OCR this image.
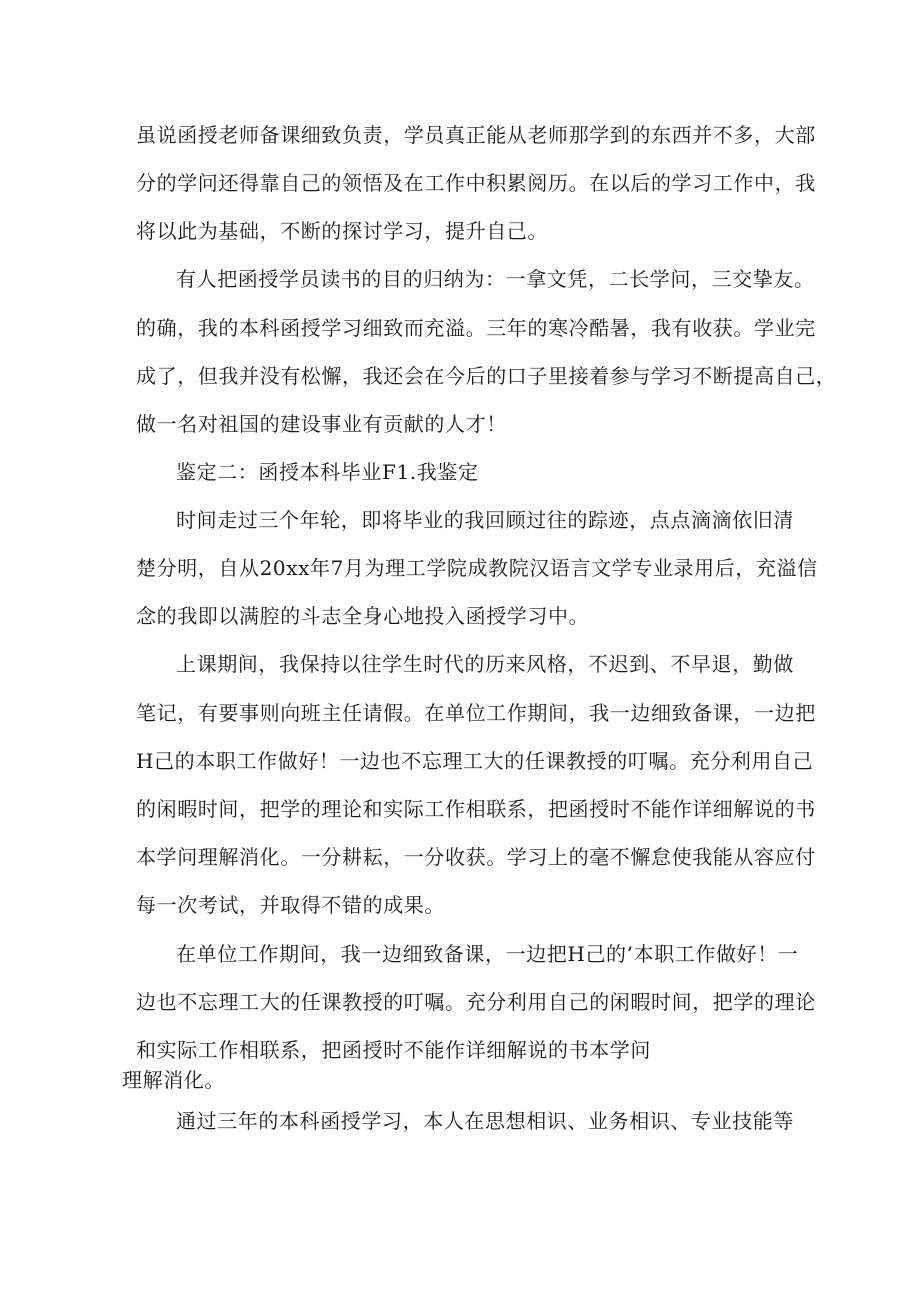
虽说函授老师备课细致负责，学员真正能从老师那学到的东西并不多，大部
分的学问还得靠自己的领悟及在工作中积累阅历。在以后的学习工作中，我
将以此为基础，不断的探讨学习，提升自己。
有人把函授学员读书的目的归纳为：一拿文凭，二长学问，三交挚友。
的确，我的本科函授学习细致而充溢。三年的寒冷酷暑，我有收获。学业完
成了，但我并没有松懈，我还会在今后的口子里接着参与学习不断提高自己，
做一名对祖国的建设事业有贡献的人才！
鉴定二：函授本科毕业F1.我鉴定
时间走过三个年轮，即将毕业的我回顾过往的踪迹，点点滴滴依旧清
楚分明，自从20xx年7月为理工学院成教院汉语言文学专业录用后，充溢信
念的我即以满腔的斗志全身心地投入函授学习中。
上课期间，我保持以往学生时代的历来风格，不迟到、不早退，勤做
笔记，有要事则向班主任请假。在单位工作期间，我一边细致备课，一边把
H己的本职工作做好！一边也不忘理工大的任课教授的叮嘱。充分利用自己
的闲暇时间，把学的理论和实际工作相联系，把函授时不能作详细解说的书
本学问理解消化。一分耕耘，一分收获。学习上的毫不懈怠使我能从容应付
每一次考试，并取得不错的成果。
在单位工作期间，我一边细致备课，一边把H己的’本职工作做好！一
边也不忘理工大的任课教授的叮嘱。充分利用自己的闲暇时间，把学的理论
和实际工作相联系，把函授时不能作详细解说的书本学问
理解消化。
通过三年的本科函授学习，本人在思想相识、业务相识、专业技能等
